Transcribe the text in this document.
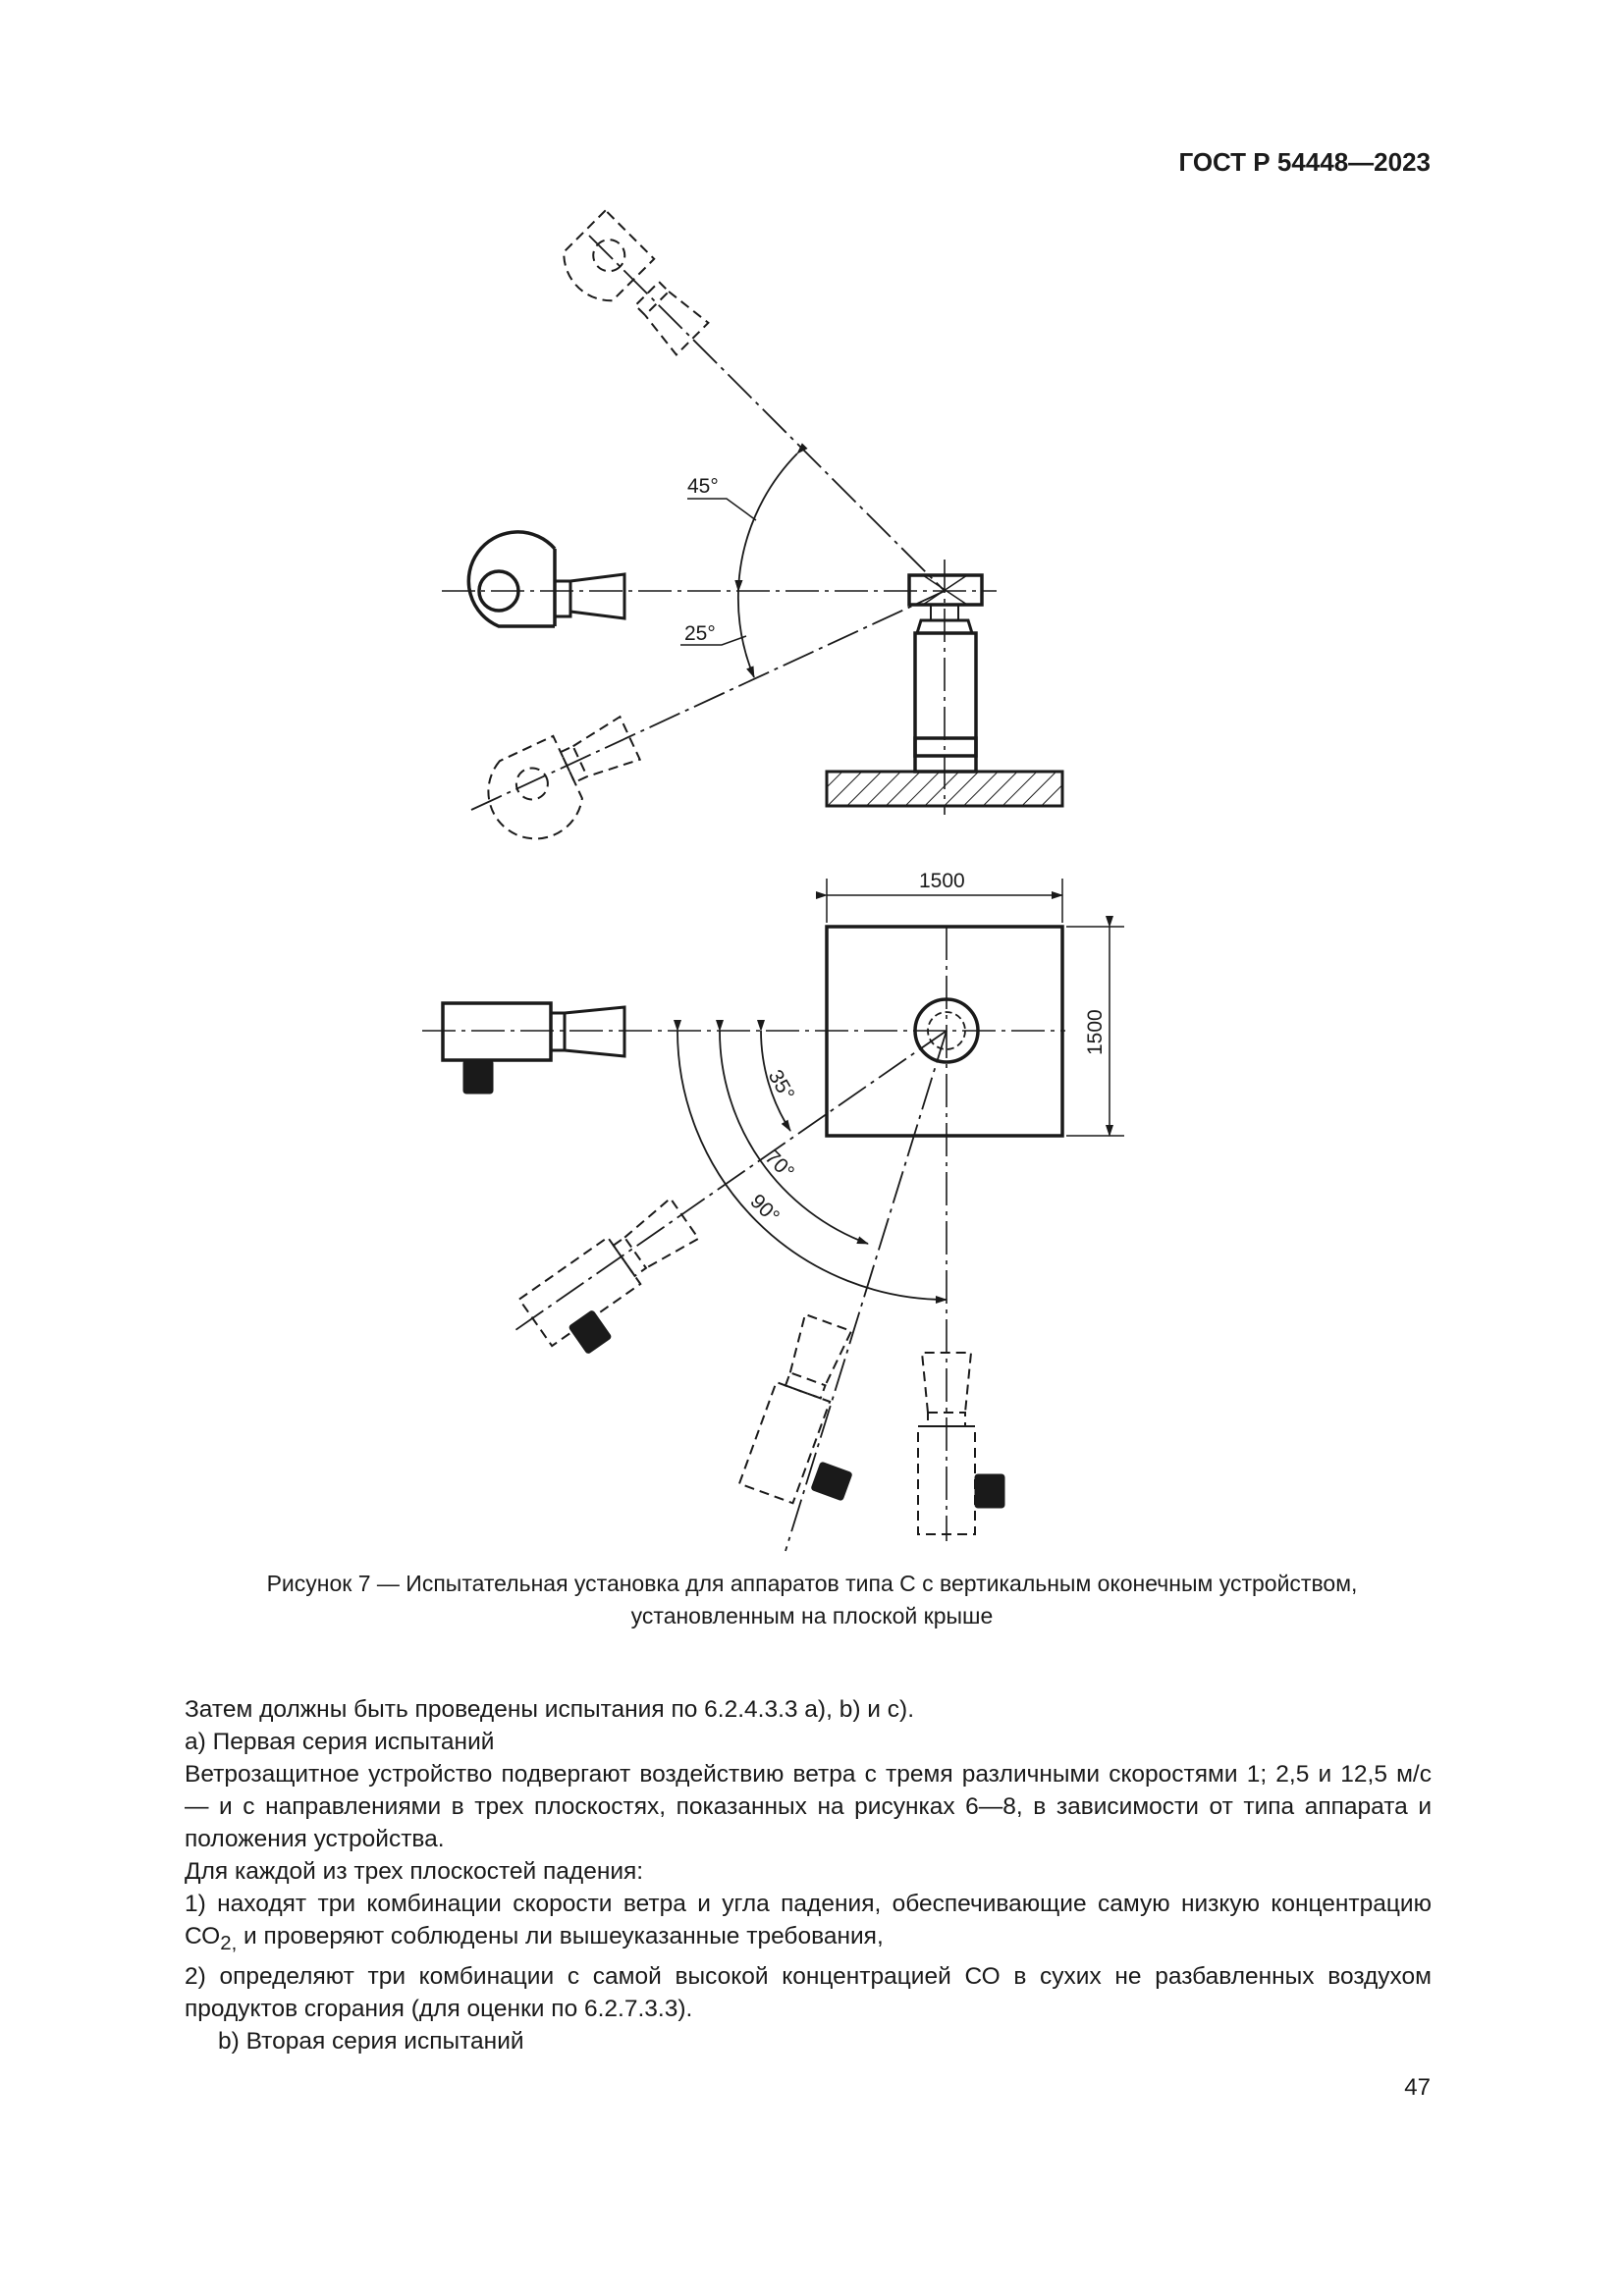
ГОСТ Р 54448—2023
45°
25°
1500
1500
35°
70°
90°
Рисунок 7 — Испытательная установка для аппаратов типа С с вертикальным оконечным устройством,
установленным на плоской крыше

Затем должны быть проведены испытания по 6.2.4.3.3 а), b) и с).

а) Первая серия испытаний

Ветрозащитное устройство подвергают воздействию ветра с тремя различными скоростями 1; 2,5 и 12,5 м/с — и с направлениями в трех плоскостях, показанных на рисунках 6—8, в зависимости от типа аппарата и положения устройства.

Для каждой из трех плоскостей падения:

1) находят три комбинации скорости ветра и угла падения, обеспечивающие самую низкую концентрацию $СО_{2,}$ и проверяют соблюдены ли вышеуказанные требования,

2) определяют три комбинации с самой высокой концентрацией СО в сухих не разбавленных воздухом продуктов сгорания (для оценки по 6.2.7.3.3).

b) Вторая серия испытаний

47
